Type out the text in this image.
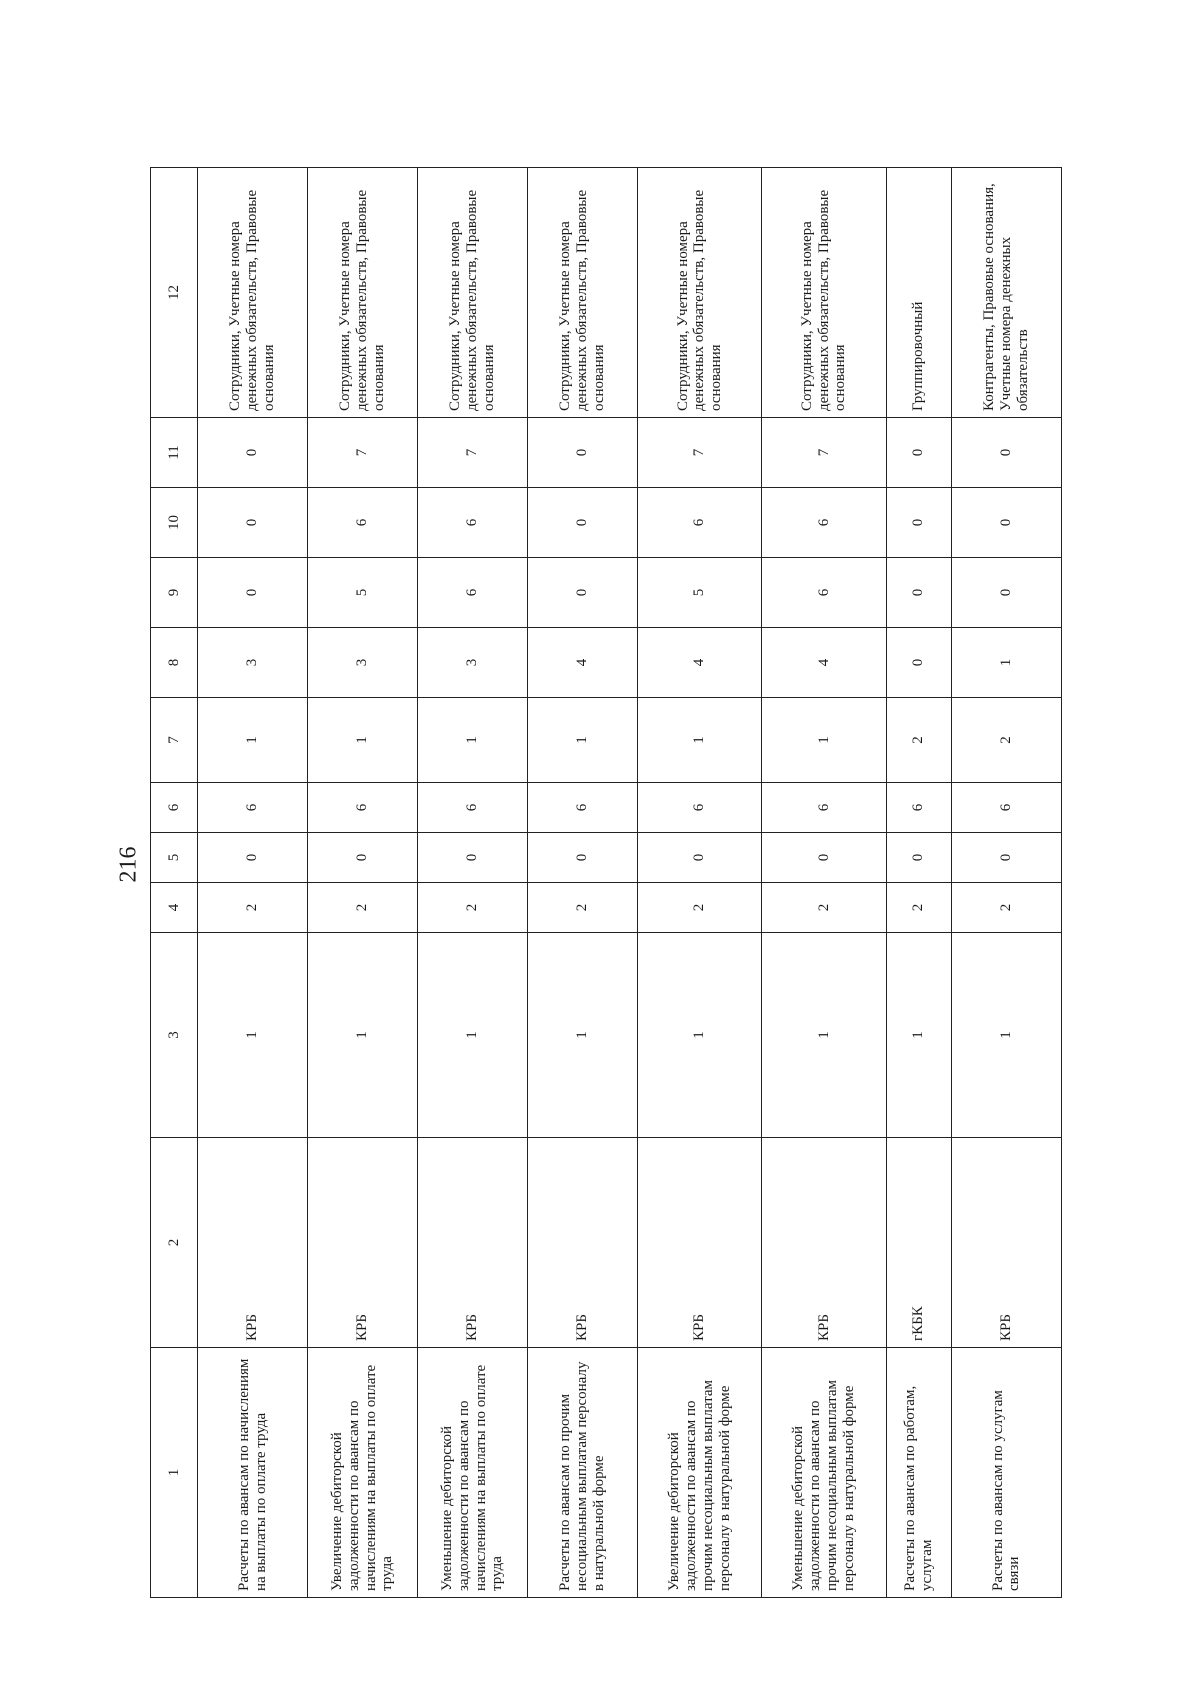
216
1	2	3	4	5	6	7	8	9	10	11	12
Расчеты по авансам по начислениям на выплаты по оплате труда	КРБ	1	2	0	6	1	3	0	0	0	Сотрудники, Учетные номера денежных обязательств, Правовые основания
Увеличение дебиторской задолженности по авансам по начислениям на выплаты по оплате труда	КРБ	1	2	0	6	1	3	5	6	7	Сотрудники, Учетные номера денежных обязательств, Правовые основания
Уменьшение дебиторской задолженности по авансам по начислениям на выплаты по оплате труда	КРБ	1	2	0	6	1	3	6	6	7	Сотрудники, Учетные номера денежных обязательств, Правовые основания
Расчеты по авансам по прочим несоциальным выплатам персоналу в натуральной форме	КРБ	1	2	0	6	1	4	0	0	0	Сотрудники, Учетные номера денежных обязательств, Правовые основания
Увеличение дебиторской задолженности по авансам по прочим несоциальным выплатам персоналу в натуральной форме	КРБ	1	2	0	6	1	4	5	6	7	Сотрудники, Учетные номера денежных обязательств, Правовые основания
Уменьшение дебиторской задолженности по авансам по прочим несоциальным выплатам персоналу в натуральной форме	КРБ	1	2	0	6	1	4	6	6	7	Сотрудники, Учетные номера денежных обязательств, Правовые основания
Расчеты по авансам по работам, услугам	гКБК	1	2	0	6	2	0	0	0	0	Группировочный
Расчеты по авансам по услугам связи	КРБ	1	2	0	6	2	1	0	0	0	Контрагенты, Правовые основания, Учетные номера денежных обязательств
